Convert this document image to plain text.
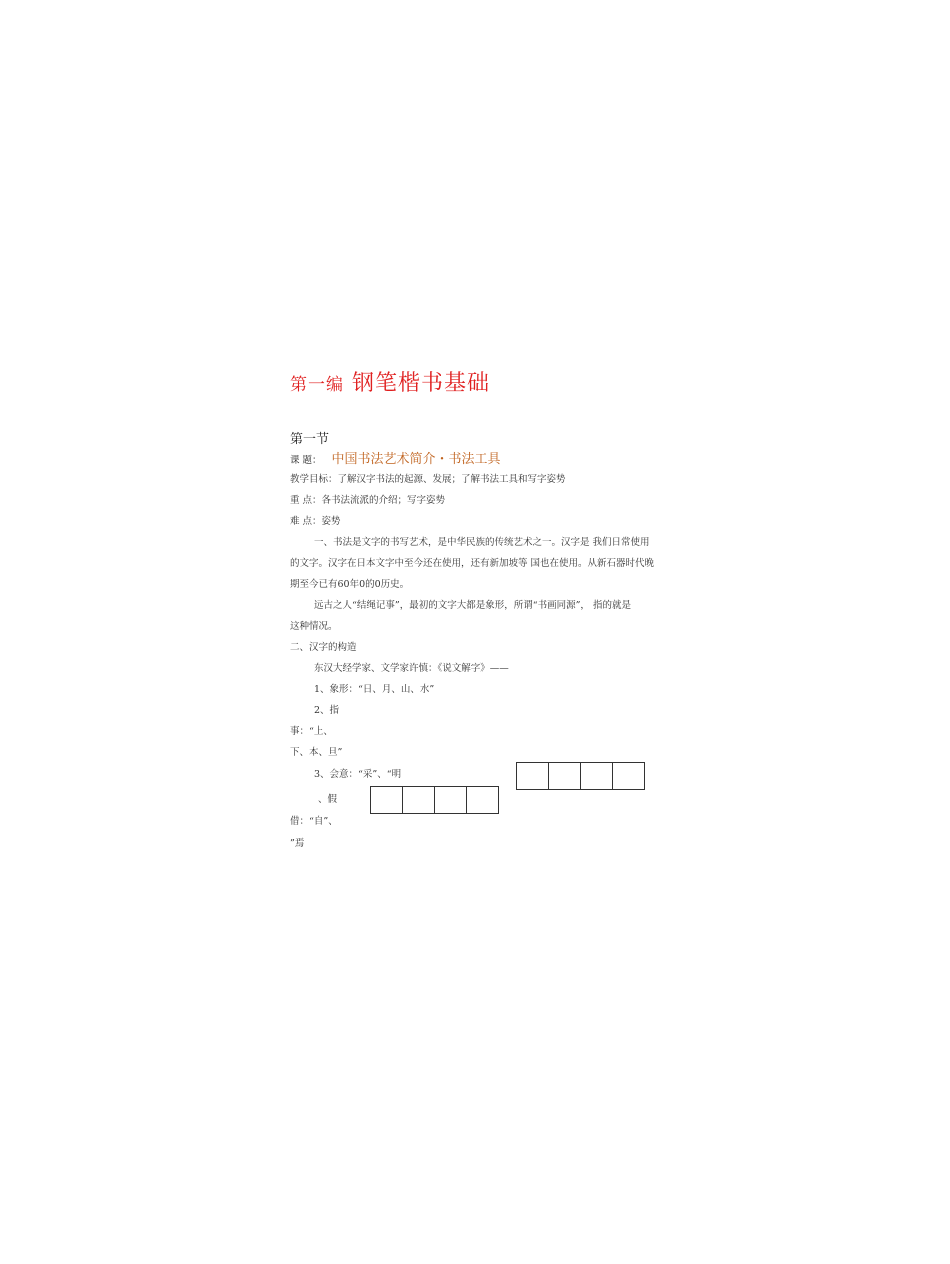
第一编 钢笔楷书基础
第一节
课 题： 中国书法艺术简介・书法工具
教学目标：了解汉字书法的起源、发展；了解书法工具和写字姿势
重 点：各书法流派的介绍；写字姿势
难 点：姿势
一、书法是文字的书写艺术，是中华民族的传统艺术之一。汉字是 我们日常使用
的文字。汉字在日本文字中至今还在使用，还有新加坡等 国也在使用。从新石器时代晚
期至今已有60年0的0历史。
远古之人“结绳记事”，最初的文字大都是象形，所谓“书画同源”， 指的就是
这种情况。
二、汉字的构造
东汉大经学家、文学家许慎：《说文解字》——
1、象形：“日、月、山、水”
2、指
事：“上、
下、本、旦”
3、会意：“采”、“明
、假
借：“自”、
”焉
